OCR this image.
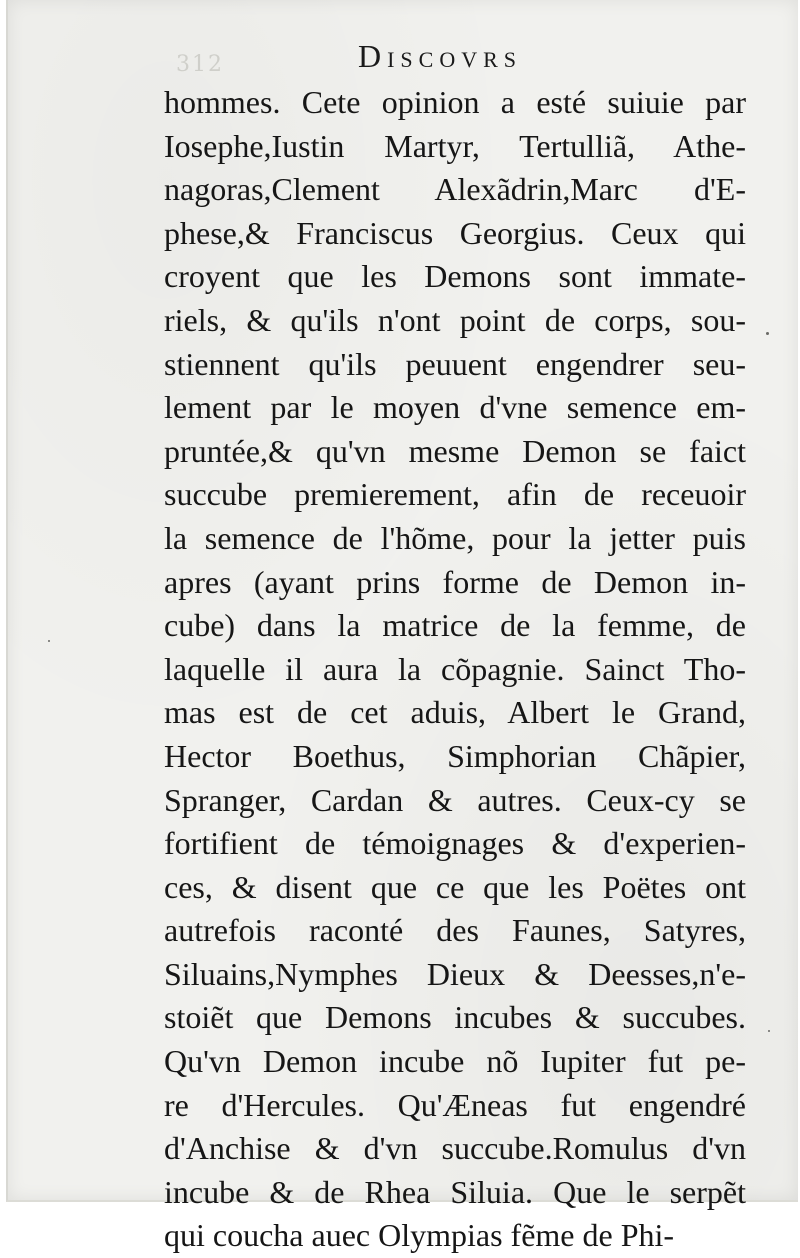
312	Discovrs
hommes. Cete opinion a esté suiuie par
Iosephe,Iustin Martyr, Tertulliã, Athe-
nagoras,Clement Alexãdrin,Marc d'E-
phese,& Franciscus Georgius. Ceux qui
croyent que les Demons sont immate-
riels, & qu'ils n'ont point de corps, sou-
stiennent qu'ils peuuent engendrer seu-
lement par le moyen d'vne semence em-
pruntée,& qu'vn mesme Demon se faict
succube premierement, afin de receuoir
la semence de l'hõme, pour la jetter puis
apres (ayant prins forme de Demon in-
cube) dans la matrice de la femme, de
laquelle il aura la cõpagnie. Sainct Tho-
mas est de cet aduis, Albert le Grand,
Hector Boethus, Simphorian Chãpier,
Spranger, Cardan & autres. Ceux-cy se
fortifient de témoignages & d'experien-
ces, & disent que ce que les Poëtes ont
autrefois raconté des Faunes, Satyres,
Siluains,Nymphes Dieux & Deesses,n'e-
stoiẽt que Demons incubes & succubes.
Qu'vn Demon incube nõ Iupiter fut pe-
re d'Hercules. Qu'Æneas fut engendré
d'Anchise & d'vn succube.Romulus d'vn
incube & de Rhea Siluia. Que le serpẽt
qui coucha auec Olympias fẽme de Phi-
